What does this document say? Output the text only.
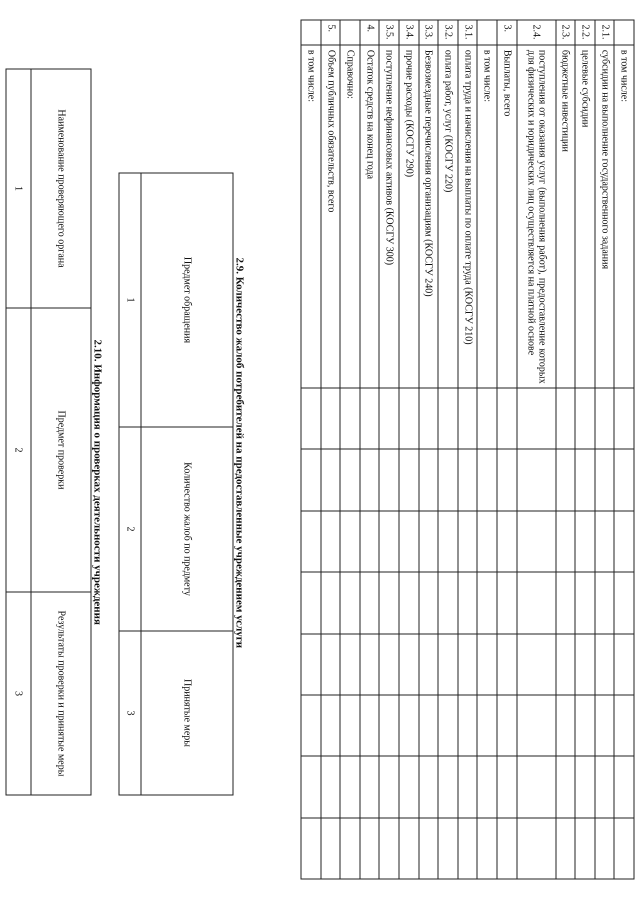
	в том числе:								
2.1.	субсидии на выполнение государственного задания								
2.2.	целевые субсидии								
2.3.	бюджетные инвестиции								
2.4.	поступления от оказания услуг (выполнения работ), предоставление которых для физических и юридических лиц осуществляется на платной основе								
3.	Выплаты, всего								
	в том числе:								
3.1.	оплата труда и начисления на выплаты по оплате труда (КОСГУ 210)								
3.2.	оплата работ, услуг (КОСГУ 220)								
3.3.	Безвозмездные перечисления организациям (КОСГУ 240)								
3.4.	прочие расходы (КОСГУ 290)								
3.5.	поступление нефинансовых активов (КОСГУ 300)								
4.	Остаток средств на конец года								
	Справочно:								
5.	Объем публичных обязательств, всего								
	в том числе:								
2.9. Количество жалоб потребителей на предоставленные учреждением услуги
Предмет обращения	Количество жалоб по предмету	Принятые меры
1	2	3
2.10. Информация о проверках деятельности учреждения
Наименование проверяющего органа	Предмет проверки	Результаты проверки и принятые меры
1	2	3
